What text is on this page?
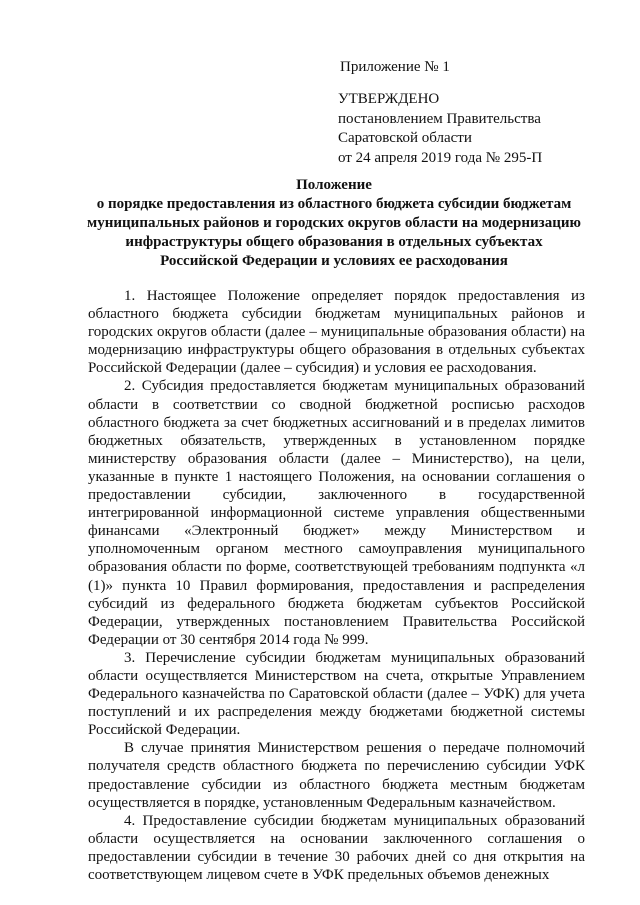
Приложение № 1
УТВЕРЖДЕНО
постановлением Правительства
Саратовской области
от 24 апреля 2019 года № 295-П
Положение
о порядке предоставления из областного бюджета субсидии бюджетам
муниципальных районов и городских округов области на модернизацию
инфраструктуры общего образования в отдельных субъектах
Российской Федерации и условиях ее расходования

1. Настоящее Положение определяет порядок предоставления из областного бюджета субсидии бюджетам муниципальных районов и городских округов области (далее – муниципальные образования области) на модернизацию инфраструктуры общего образования в отдельных субъектах Российской Федерации (далее – субсидия) и условия ее расходования.

2. Субсидия предоставляется бюджетам муниципальных образований области в соответствии со сводной бюджетной росписью расходов областного бюджета за счет бюджетных ассигнований и в пределах лимитов бюджетных обязательств, утвержденных в установленном порядке министерству образования области (далее – Министерство), на цели, указанные в пункте 1 настоящего Положения, на основании соглашения о предоставлении субсидии, заключенного в государственной интегрированной информационной системе управления общественными финансами «Электронный бюджет» между Министерством и уполномоченным органом местного самоуправления муниципального образования области по форме, соответствующей требованиям подпункта «л (1)» пункта 10 Правил формирования, предоставления и распределения субсидий из федерального бюджета бюджетам субъектов Российской Федерации, утвержденных постановлением Правительства Российской Федерации от 30 сентября 2014 года № 999.

3. Перечисление субсидии бюджетам муниципальных образований области осуществляется Министерством на счета, открытые Управлением Федерального казначейства по Саратовской области (далее – УФК) для учета поступлений и их распределения между бюджетами бюджетной системы Российской Федерации.

В случае принятия Министерством решения о передаче полномочий получателя средств областного бюджета по перечислению субсидии УФК предоставление субсидии из областного бюджета местным бюджетам осуществляется в порядке, установленным Федеральным казначейством.

4. Предоставление субсидии бюджетам муниципальных образований области осуществляется на основании заключенного соглашения о предоставлении субсидии в течение 30 рабочих дней со дня открытия на соответствующем лицевом счете в УФК предельных объемов денежных
